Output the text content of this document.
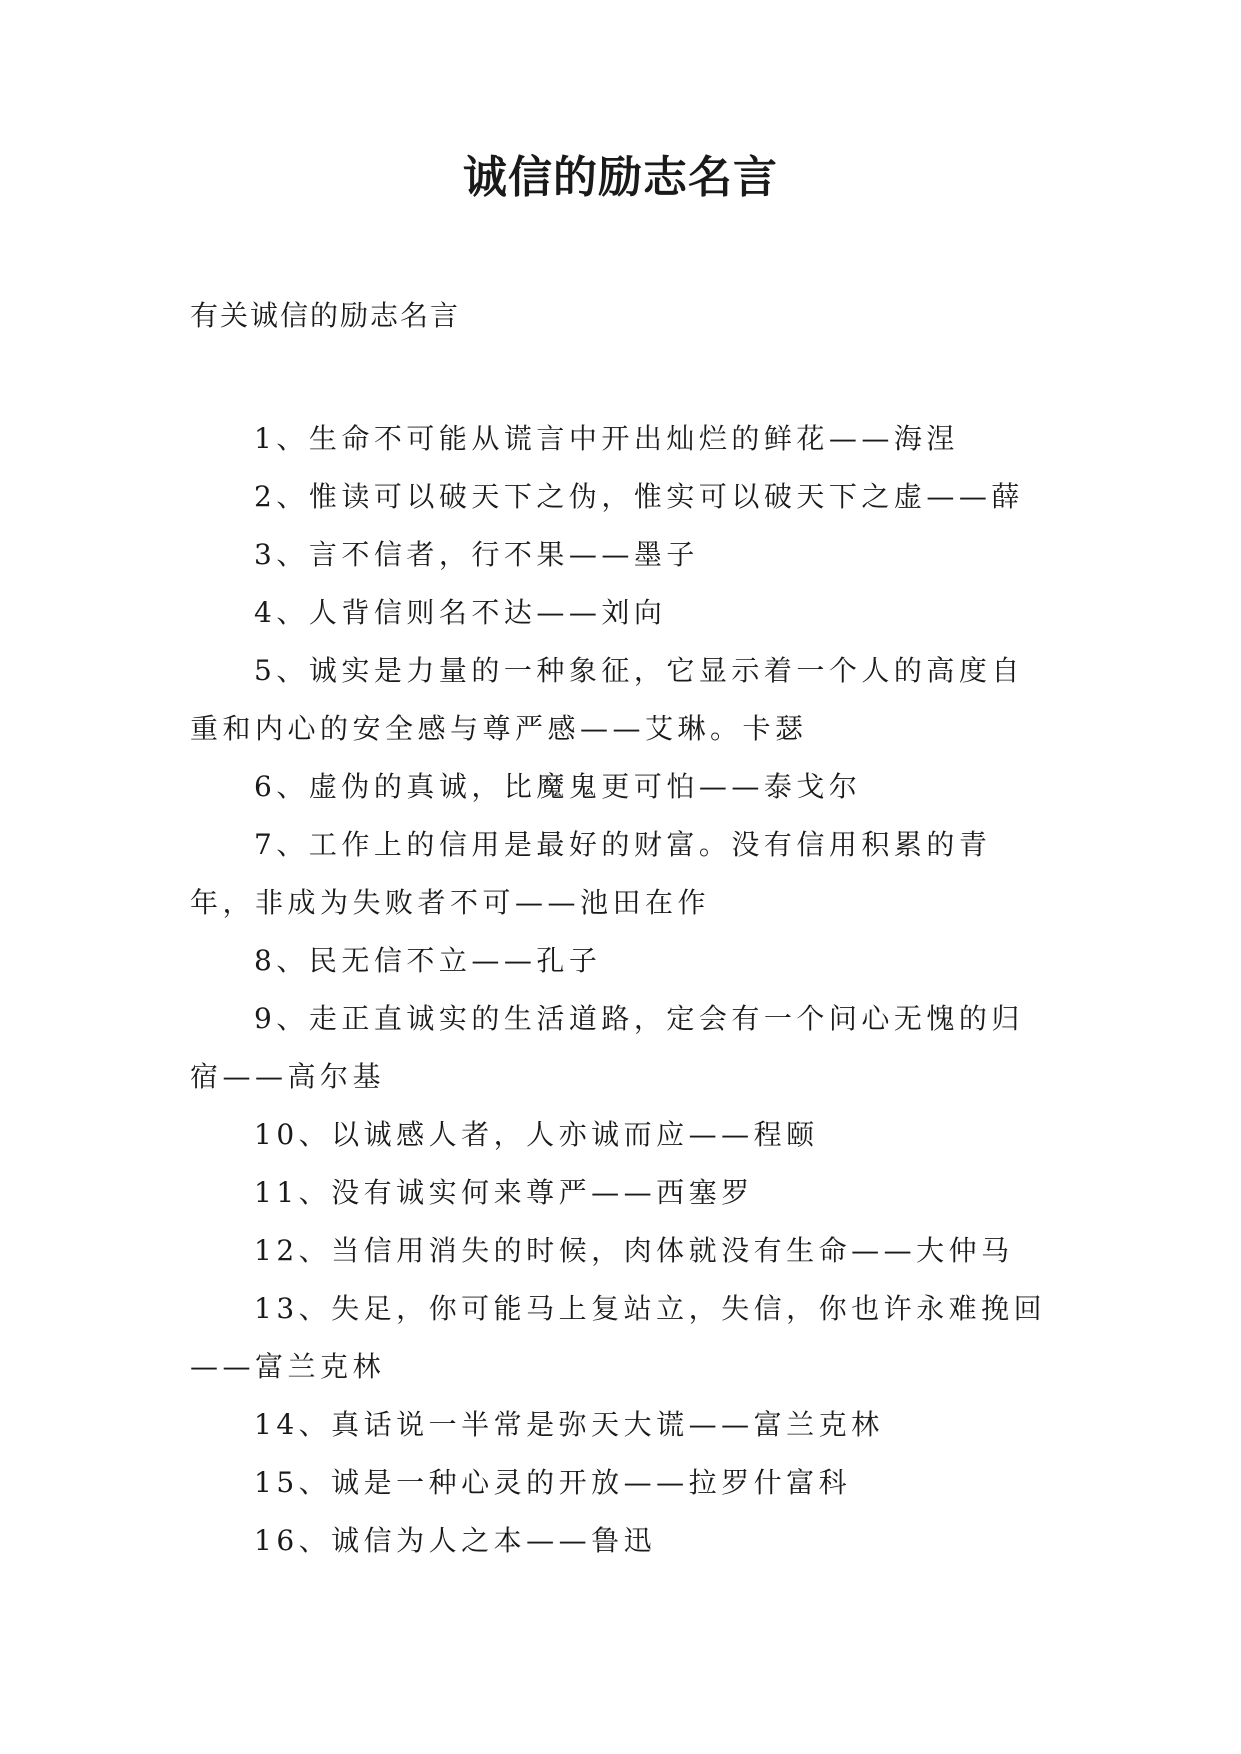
诚信的励志名言

有关诚信的励志名言

1、生命不可能从谎言中开出灿烂的鲜花——海涅
2、惟读可以破天下之伪，惟实可以破天下之虚——薛
3、言不信者，行不果——墨子
4、人背信则名不达——刘向
5、诚实是力量的一种象征，它显示着一个人的高度自重和内心的安全感与尊严感——艾琳。卡瑟
6、虚伪的真诚，比魔鬼更可怕——泰戈尔
7、工作上的信用是最好的财富。没有信用积累的青年，非成为失败者不可——池田在作
8、民无信不立——孔子
9、走正直诚实的生活道路，定会有一个问心无愧的归宿——高尔基
10、以诚感人者，人亦诚而应——程颐
11、没有诚实何来尊严——西塞罗
12、当信用消失的时候，肉体就没有生命——大仲马
13、失足，你可能马上复站立，失信，你也许永难挽回——富兰克林
14、真话说一半常是弥天大谎——富兰克林
15、诚是一种心灵的开放——拉罗什富科
16、诚信为人之本——鲁迅
